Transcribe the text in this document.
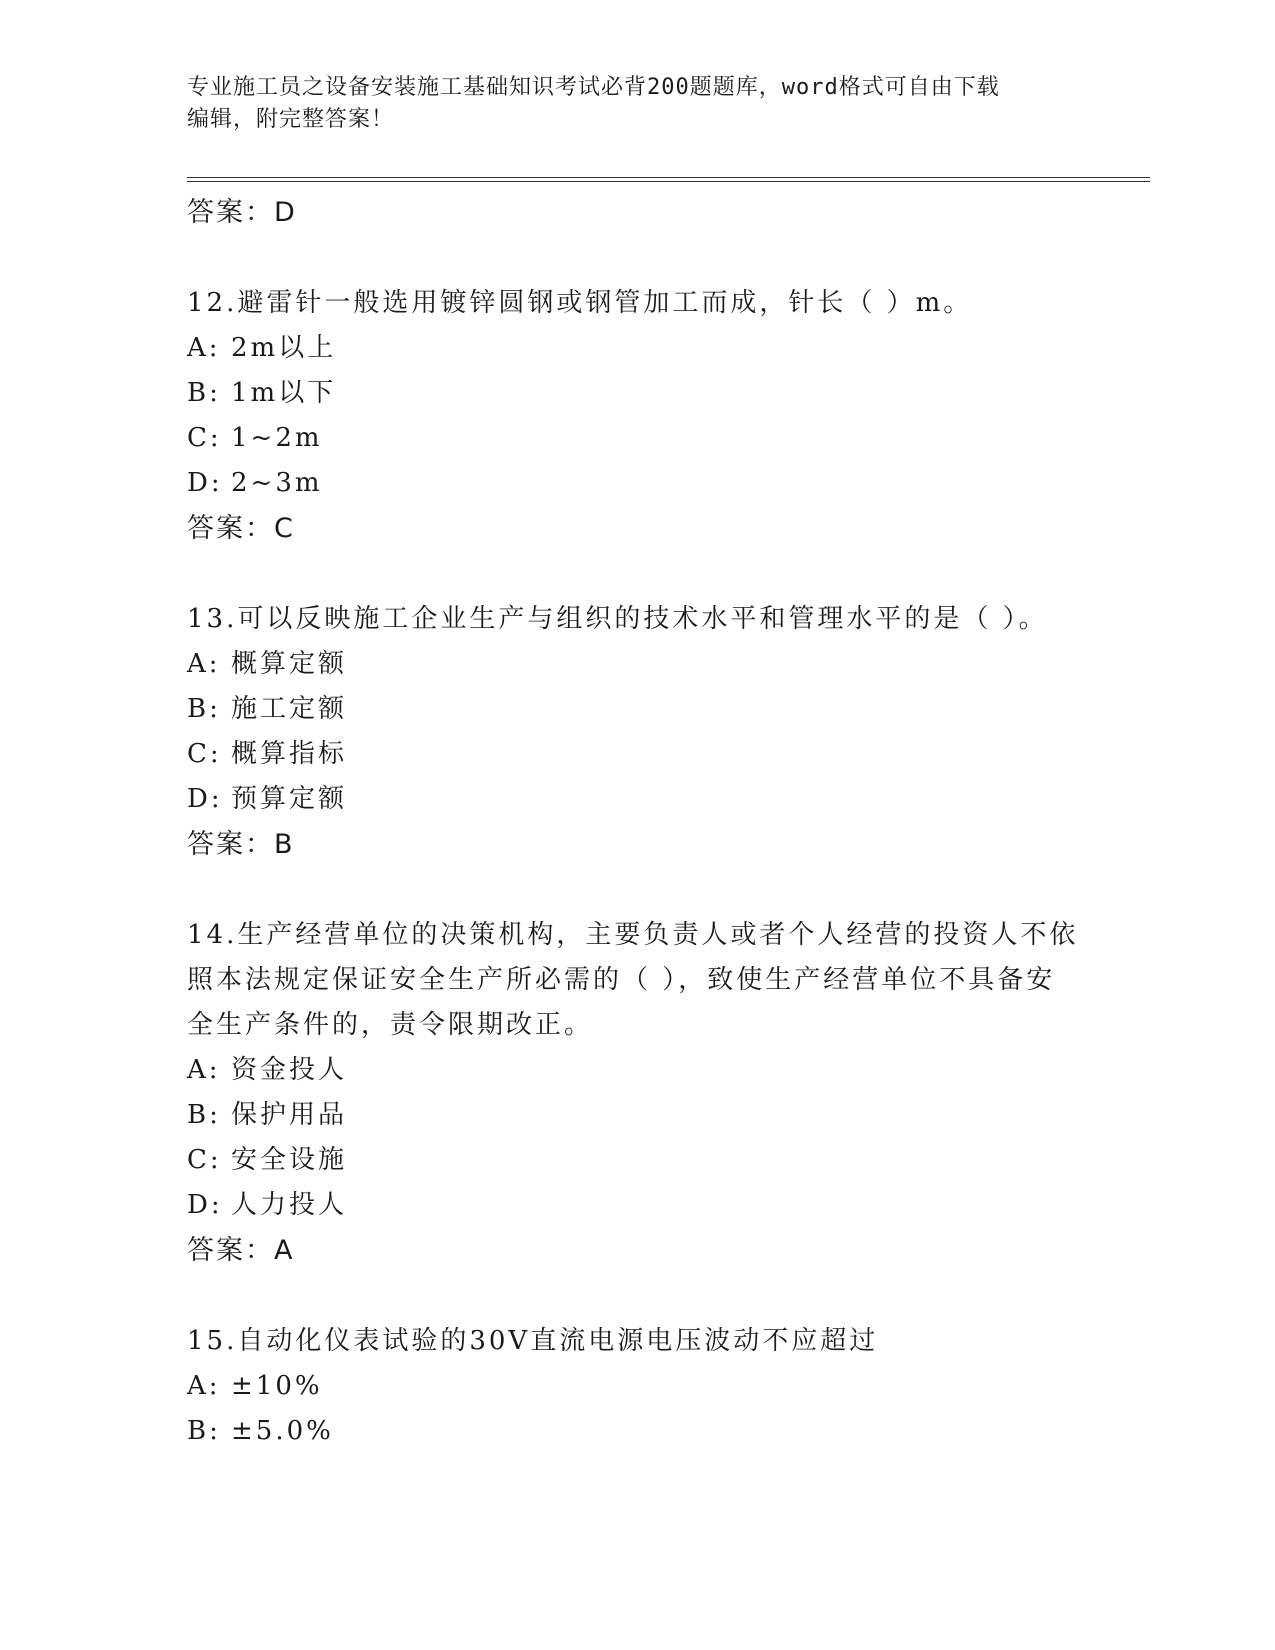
专业施工员之设备安装施工基础知识考试必背200题题库，word格式可自由下载
编辑，附完整答案！
答案：D
12.避雷针一般选用镀锌圆钢或钢管加工而成，针长（ ）m。
A: 2m以上
B: 1m以下
C: 1~2m
D: 2~3m
答案：C
13.可以反映施工企业生产与组织的技术水平和管理水平的是（ ）。
A: 概算定额
B: 施工定额
C: 概算指标
D: 预算定额
答案：B
14.生产经营单位的决策机构，主要负责人或者个人经营的投资人不依
照本法规定保证安全生产所必需的（ ），致使生产经营单位不具备安
全生产条件的，责令限期改正。
A: 资金投人
B: 保护用品
C: 安全设施
D: 人力投人
答案：A
15.自动化仪表试验的30V直流电源电压波动不应超过
A: ±10%
B: ±5.0%
